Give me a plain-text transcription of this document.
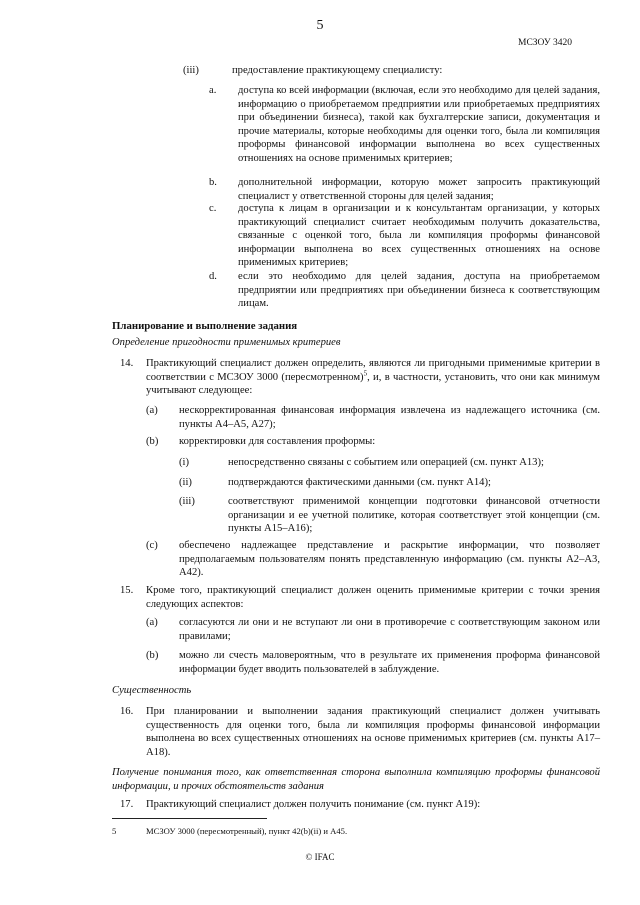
5
МСЗОУ 3420
(iii)	предоставление практикующему специалисту:
a. доступа ко всей информации (включая, если это необходимо для целей задания, информацию о приобретаемом предприятии или приобретаемых предприятиях при объединении бизнеса), такой как бухгалтерские записи, документация и прочие материалы, которые необходимы для оценки того, была ли компиляция проформы финансовой информации выполнена во всех существенных отношениях на основе применимых критериев;
b. дополнительной информации, которую может запросить практикующий специалист у ответственной стороны для целей задания;
c. доступа к лицам в организации и к консультантам организации, у которых практикующий специалист считает необходимым получить доказательства, связанные с оценкой того, была ли компиляция проформы финансовой информации выполнена во всех существенных отношениях на основе применимых критериев;
d. если это необходимо для целей задания, доступа на приобретаемом предприятии или предприятиях при объединении бизнеса к соответствующим лицам.
Планирование и выполнение задания
Определение пригодности применимых критериев
14. Практикующий специалист должен определить, являются ли пригодными применимые критерии в соответствии с МСЗОУ 3000 (пересмотренном)$^5$, и, в частности, установить, что они как минимум учитывают следующее:
(a) нескорректированная финансовая информация извлечена из надлежащего источника (см. пункты A4–A5, A27);
(b) корректировки для составления проформы:
(i)	непосредственно связаны с событием или операцией (см. пункт A13);
(ii)	подтверждаются фактическими данными (см. пункт A14);
(iii)	соответствуют применимой концепции подготовки финансовой отчетности организации и ее учетной политике, которая соответствует этой концепции (см. пункты A15–A16);
(c) обеспечено надлежащее представление и раскрытие информации, что позволяет предполагаемым пользователям понять представленную информацию (см. пункты A2–A3, A42).
15. Кроме того, практикующий специалист должен оценить применимые критерии с точки зрения следующих аспектов:
(a) согласуются ли они и не вступают ли они в противоречие с соответствующим законом или правилами;
(b) можно ли счесть маловероятным, что в результате их применения проформа финансовой информации будет вводить пользователей в заблуждение.
Существенность
16. При планировании и выполнении задания практикующий специалист должен учитывать существенность для оценки того, была ли компиляция проформы финансовой информации выполнена во всех существенных отношениях на основе применимых критериев (см. пункты A17–A18).
Получение понимания того, как ответственная сторона выполнила компиляцию проформы финансовой информации, и прочих обстоятельств задания
17. Практикующий специалист должен получить понимание (см. пункт A19):
5	МСЗОУ 3000 (пересмотренный), пункт 42(b)(ii) и A45.
© IFAC
